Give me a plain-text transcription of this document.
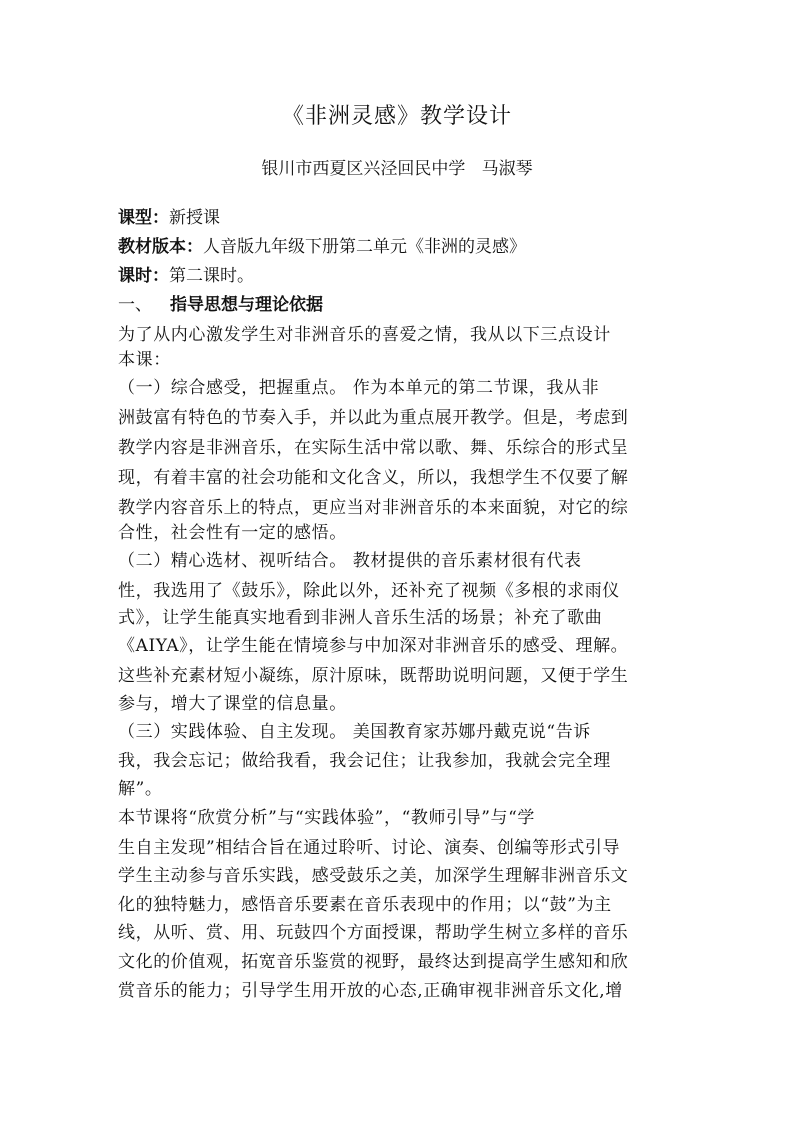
《非洲灵感》教学设计
银川市西夏区兴泾回民中学   马淑琴
课型：新授课
教材版本：人音版九年级下册第二单元《非洲的灵感》
课时：第二课时。
一、 指导思想与理论依据
为了从内心激发学生对非洲音乐的喜爱之情，我从以下三点设计
本课：
（一）综合感受，把握重点。 作为本单元的第二节课，我从非
洲鼓富有特色的节奏入手，并以此为重点展开教学。但是，考虑到
教学内容是非洲音乐，在实际生活中常以歌、舞、乐综合的形式呈
现，有着丰富的社会功能和文化含义，所以，我想学生不仅要了解
教学内容音乐上的特点，更应当对非洲音乐的本来面貌，对它的综
合性，社会性有一定的感悟。
（二）精心选材、视听结合。 教材提供的音乐素材很有代表
性，我选用了《鼓乐》，除此以外，还补充了视频《多根的求雨仪
式》，让学生能真实地看到非洲人音乐生活的场景；补充了歌曲
《AIYA》，让学生能在情境参与中加深对非洲音乐的感受、理解。
这些补充素材短小凝练，原汁原味，既帮助说明问题，又便于学生
参与，增大了课堂的信息量。
（三）实践体验、自主发现。 美国教育家苏娜丹戴克说“告诉
我，我会忘记；做给我看，我会记住；让我参加，我就会完全理
解”。
本节课将“欣赏分析”与“实践体验”，“教师引导”与“学
生自主发现”相结合旨在通过聆听、讨论、演奏、创编等形式引导
学生主动参与音乐实践，感受鼓乐之美，加深学生理解非洲音乐文
化的独特魅力，感悟音乐要素在音乐表现中的作用；以“鼓”为主
线，从听、赏、用、玩鼓四个方面授课，帮助学生树立多样的音乐
文化的价值观，拓宽音乐鉴赏的视野，最终达到提高学生感知和欣
赏音乐的能力；引导学生用开放的心态,正确审视非洲音乐文化,增
